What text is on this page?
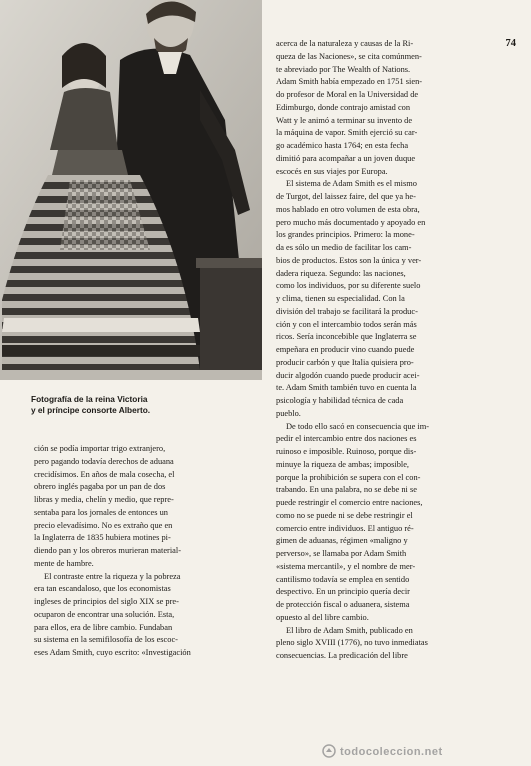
74
Fotografía de la reina Victoria
y el príncipe consorte Alberto.
ción se podía importar trigo extranjero,
pero pagando todavía derechos de aduana
crecidísimos. En años de mala cosecha, el
obrero inglés pagaba por un pan de dos
libras y media, chelín y medio, que repre-
sentaba para los jornales de entonces un
precio elevadísimo. No es extraño que en
la Inglaterra de 1835 hubiera motines pi-
diendo pan y los obreros murieran material-
mente de hambre.
El contraste entre la riqueza y la pobreza
era tan escandaloso, que los economistas
ingleses de principios del siglo XIX se pre-
ocuparon de encontrar una solución. Esta,
para ellos, era de libre cambio. Fundaban
su sistema en la semifilosofía de los escoc-
eses Adam Smith, cuyo escrito: «Investigación
acerca de la naturaleza y causas de la Ri-
queza de las Naciones», se cita comúnmen-
te abreviado por The Wealth of Nations.
Adam Smith había empezado en 1751 sien-
do profesor de Moral en la Universidad de
Edimburgo, donde contrajo amistad con
Watt y le animó a terminar su invento de
la máquina de vapor. Smith ejerció su car-
go académico hasta 1764; en esta fecha
dimitió para acompañar a un joven duque
escocés en sus viajes por Europa.
El sistema de Adam Smith es el mismo
de Turgot, del laissez faire, del que ya he-
mos hablado en otro volumen de esta obra,
pero mucho más documentado y apoyado en
los grandes principios. Primero: la mone-
da es sólo un medio de facilitar los cam-
bios de productos. Estos son la única y ver-
dadera riqueza. Segundo: las naciones,
como los individuos, por su diferente suelo
y clima, tienen su especialidad. Con la
división del trabajo se facilitará la produc-
ción y con el intercambio todos serán más
ricos. Sería inconcebible que Inglaterra se
empeñara en producir vino cuando puede
producir carbón y que Italia quisiera pro-
ducir algodón cuando puede producir acei-
te. Adam Smith también tuvo en cuenta la
psicología y habilidad técnica de cada
pueblo.
De todo ello sacó en consecuencia que im-
pedir el intercambio entre dos naciones es
ruinoso e imposible. Ruinoso, porque dis-
minuye la riqueza de ambas; imposible,
porque la prohibición se supera con el con-
trabando. En una palabra, no se debe ni se
puede restringir el comercio entre naciones,
como no se puede ni se debe restringir el
comercio entre individuos. El antiguo ré-
gimen de aduanas, régimen «maligno y
perverso», se llamaba por Adam Smith
«sistema mercantil», y el nombre de mer-
cantilismo todavía se emplea en sentido
despectivo. En un principio quería decir
de protección fiscal o aduanera, sistema
opuesto al del libre cambio.
El libro de Adam Smith, publicado en
pleno siglo XVIII (1776), no tuvo inmediatas
consecuencias. La predicación del libre
todocoleccion.net
